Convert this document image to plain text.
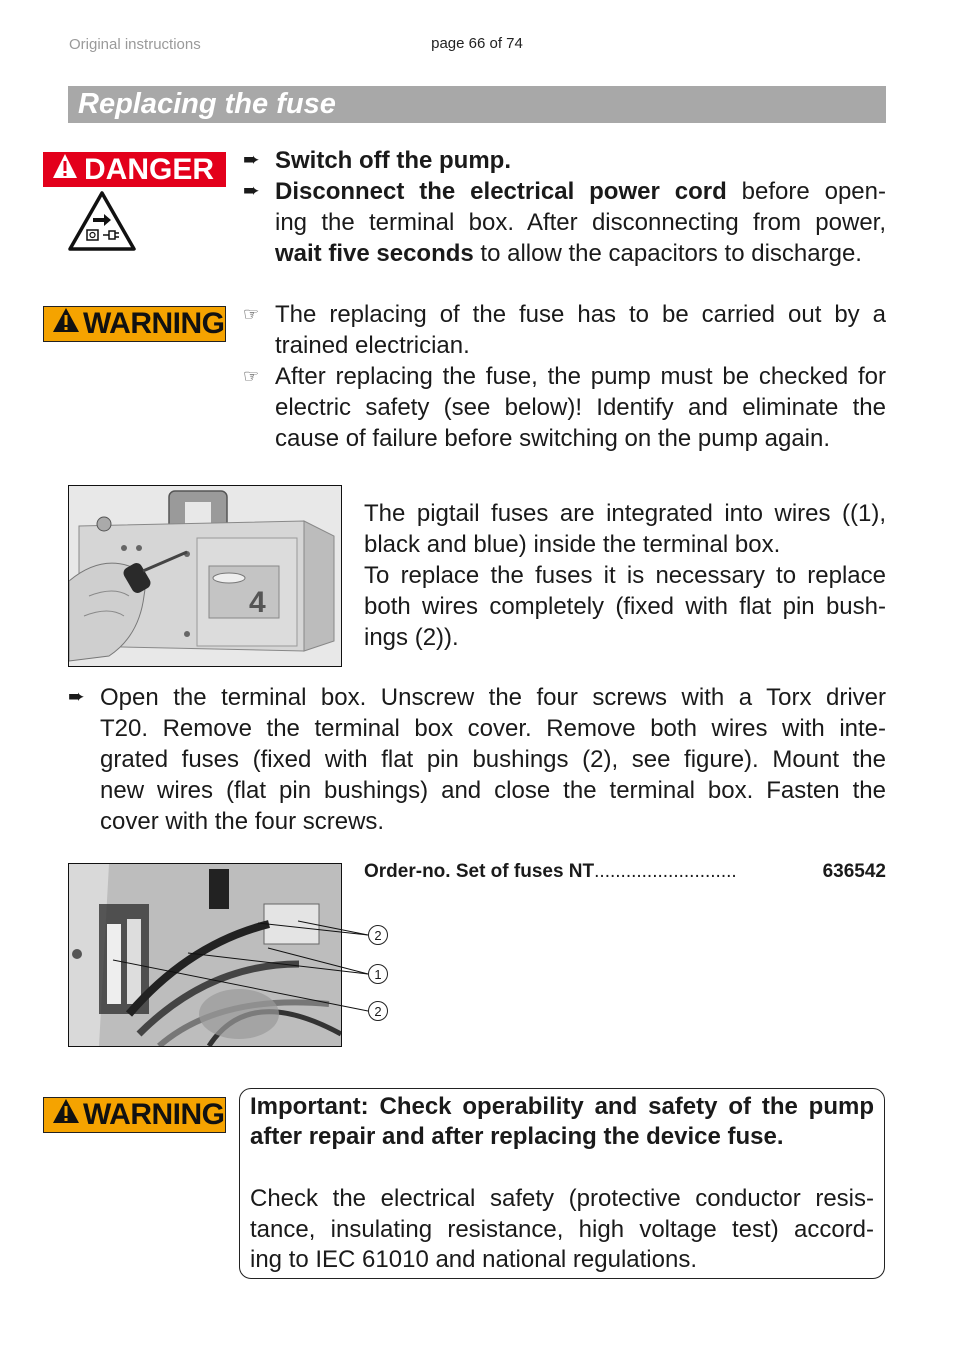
Original instructions	page 66 of 74
Replacing the fuse
DANGER ➨ Switch off the pump.
➨ Disconnect the electrical power cord before open-
ing the terminal box. After disconnecting from power,
wait five seconds to allow the capacitors to discharge.
WARNING ☞ The replacing of the fuse has to be carried out by a
trained electrician.
☞ After replacing the fuse, the pump must be checked for
electric safety (see below)! Identify and eliminate the
cause of failure before switching on the pump again.
4
The pigtail fuses are integrated into wires ((1),
black and blue) inside the terminal box.
To replace the fuses it is necessary to replace
both wires completely (fixed with flat pin bush-
ings (2)).
➨ Open the terminal box. Unscrew the four screws with a Torx driver
T20. Remove the terminal box cover. Remove both wires with inte-
grated fuses (fixed with flat pin bushings (2), see figure). Mount the
new wires (flat pin bushings) and close the terminal box. Fasten the
cover with the four screws.
Order-no. Set of fuses NT ...........................	636542
2
1
2
WARNING Important: Check operability and safety of the pump
after repair and after replacing the device fuse.
Check the electrical safety (protective conductor resis-
tance, insulating resistance, high voltage test) accord-
ing to IEC 61010 and national regulations.
